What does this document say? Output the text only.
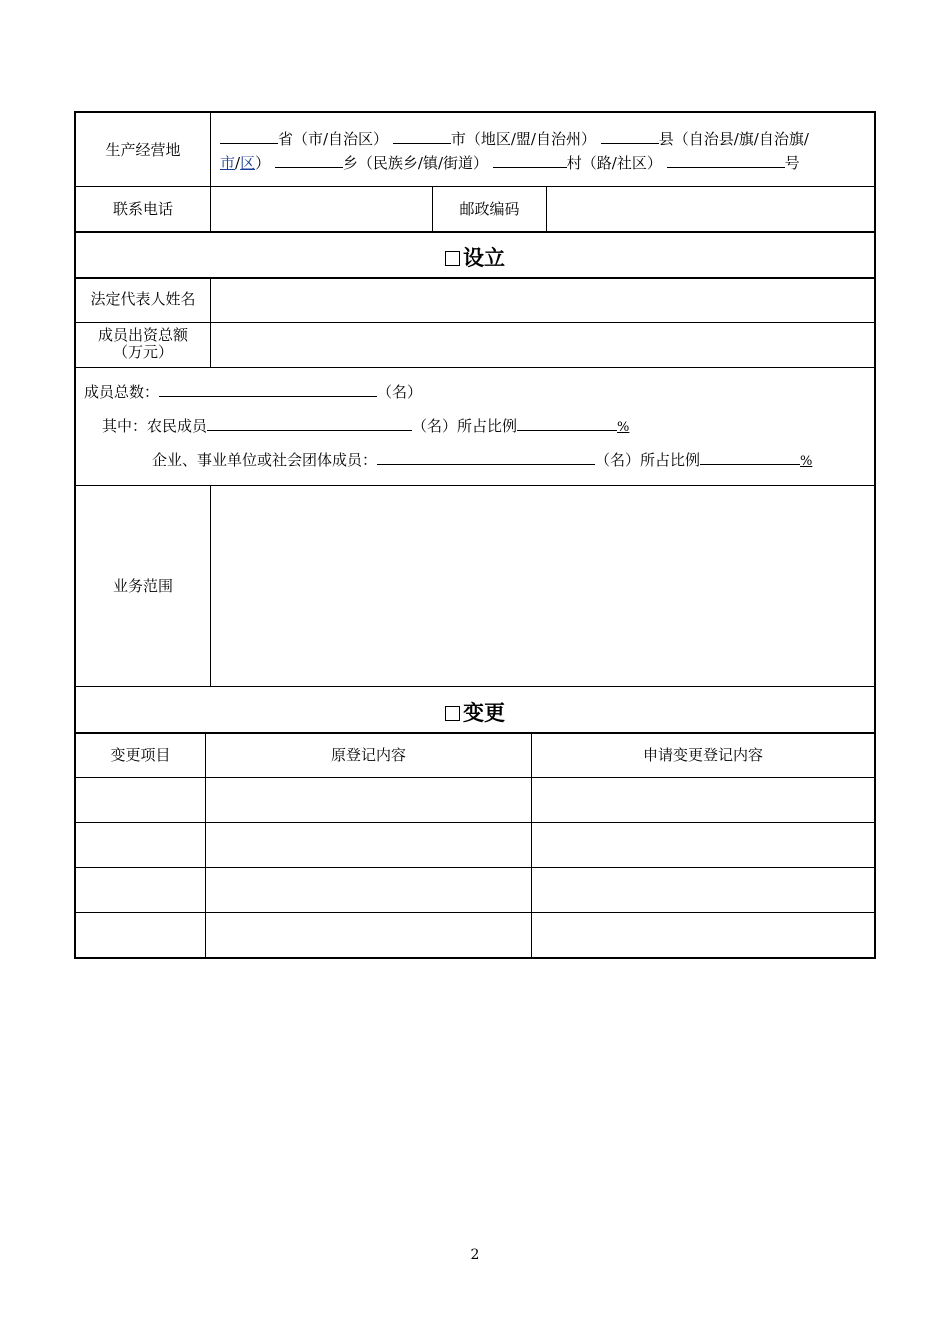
生产经营地
省（市/自治区）	市（地区/盟/自治州）	县（自治县/旗/自治旗/
市/区）	乡（民族乡/镇/街道）	村（路/社区）	号
联系电话	邮政编码
设立
法定代表人姓名
成员出资总额
（万元）
成员总数：	（名）
其中：农民成员	（名）所占比例	%
企业、事业单位或社会团体成员：	（名）所占比例	%
业务范围
变更
变更项目	原登记内容	申请变更登记内容
2
